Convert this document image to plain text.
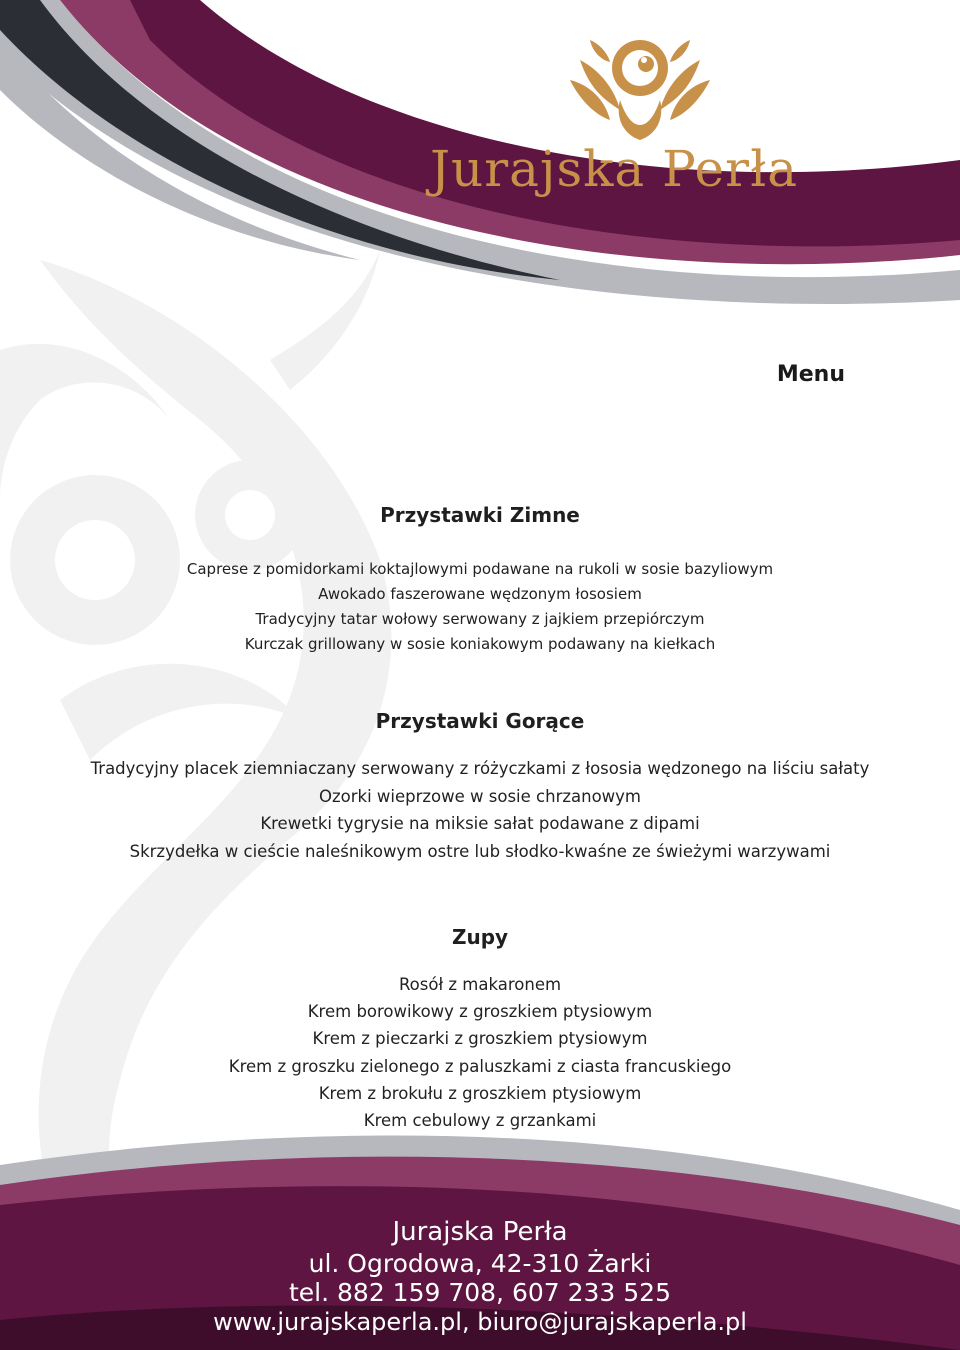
Jurajska Perła
Menu
Przystawki Zimne
Caprese z pomidorkami koktajlowymi podawane na rukoli w sosie bazyliowym
Awokado faszerowane wędzonym łososiem
Tradycyjny tatar wołowy serwowany z jajkiem przepiórczym
Kurczak grillowany w sosie koniakowym podawany na kiełkach
Przystawki Gorące
Tradycyjny placek ziemniaczany serwowany z różyczkami z łososia wędzonego na liściu sałaty
Ozorki wieprzowe w sosie chrzanowym
Krewetki tygrysie na miksie sałat podawane z dipami
Skrzydełka w cieście naleśnikowym ostre lub słodko-kwaśne ze świeżymi warzywami
Zupy
Rosół z makaronem
Krem borowikowy z groszkiem ptysiowym
Krem z pieczarki z groszkiem ptysiowym
Krem z groszku zielonego z paluszkami z ciasta francuskiego
Krem z brokułu z groszkiem ptysiowym
Krem cebulowy z grzankami
Jurajska Perła
ul. Ogrodowa, 42-310 Żarki
tel. 882 159 708, 607 233 525
www.jurajskaperla.pl, biuro@jurajskaperla.pl
